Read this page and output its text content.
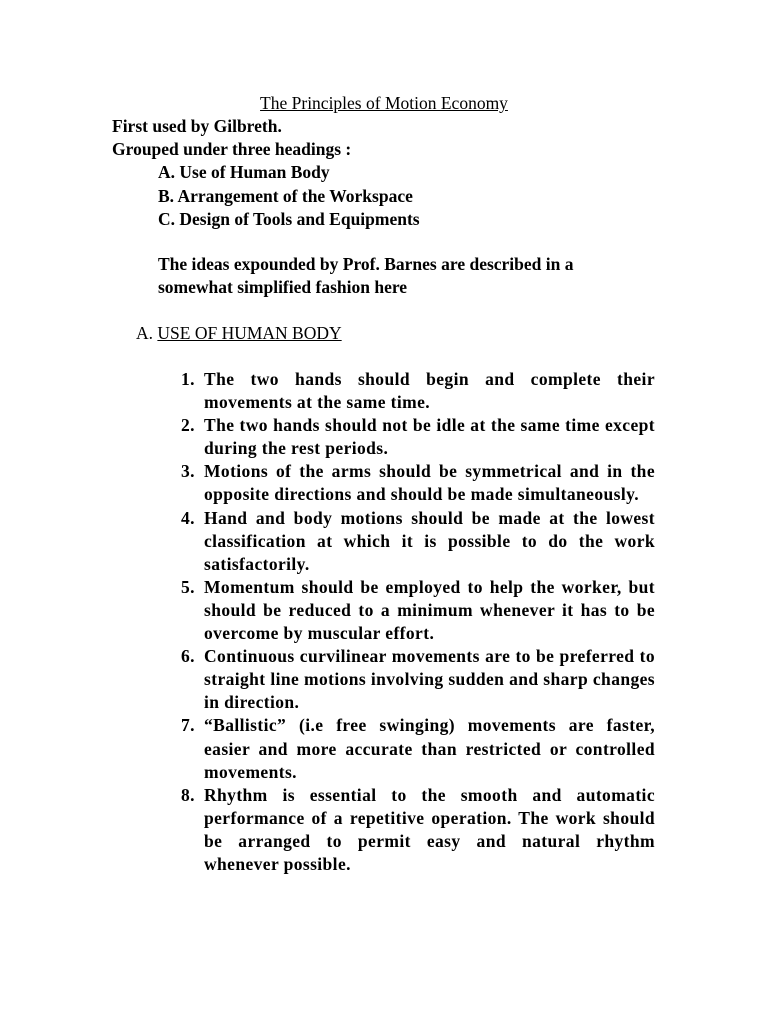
The Principles of Motion Economy
First used by Gilbreth.
Grouped under three headings :
A. Use of Human Body
B. Arrangement of the Workspace
C. Design of Tools and Equipments
The ideas expounded by Prof. Barnes are described in a somewhat simplified fashion here
A. USE OF HUMAN BODY
1. The two hands should begin and complete their movements at the same time.
2. The two hands should not be idle at the same time except during the rest periods.
3. Motions of the arms should be symmetrical and in the opposite directions and should be made simultaneously.
4. Hand and body motions should be made at the lowest classification at which it is possible to do the work satisfactorily.
5. Momentum should be employed to help the worker, but should be reduced to a minimum whenever it has to be overcome by muscular effort.
6. Continuous curvilinear movements are to be preferred to straight line motions involving sudden and sharp changes in direction.
7. “Ballistic” (i.e free swinging) movements are faster, easier and more accurate than restricted or controlled movements.
8. Rhythm is essential to the smooth and automatic performance of a repetitive operation. The work should be arranged to permit easy and natural rhythm whenever possible.
